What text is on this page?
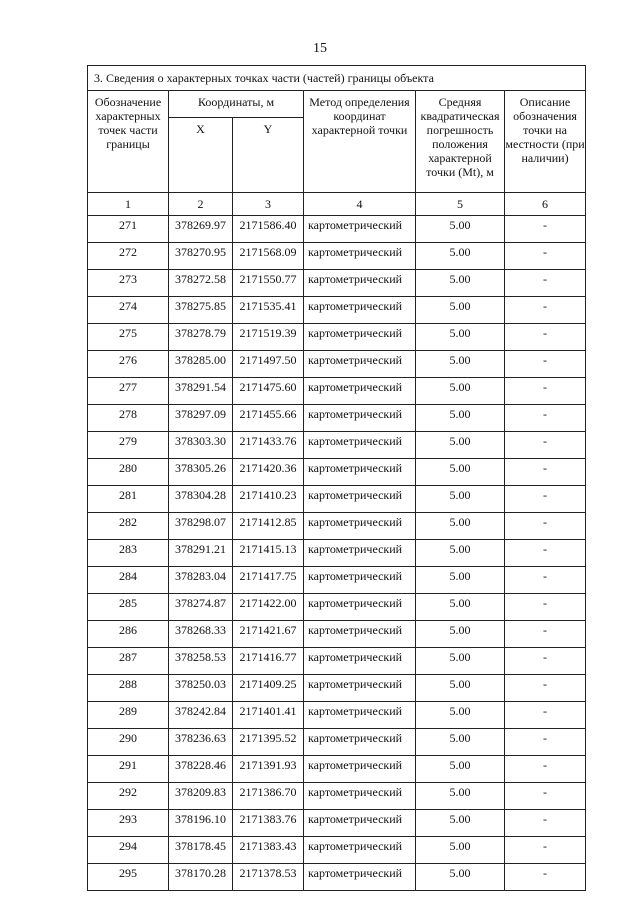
15
3. Сведения о характерных точках части (частей) границы объекта					
Обозначение характерных точек части границы	Координаты, м		Метод определения координат характерной точки	Средняя квадратическая погрешность положения характерной точки (Mt), м	Описание обозначения точки на местности (при наличии)
	X	Y			
1	2	3	4	5	6
271	378269.97	2171586.40	картометрический	5.00	-
272	378270.95	2171568.09	картометрический	5.00	-
273	378272.58	2171550.77	картометрический	5.00	-
274	378275.85	2171535.41	картометрический	5.00	-
275	378278.79	2171519.39	картометрический	5.00	-
276	378285.00	2171497.50	картометрический	5.00	-
277	378291.54	2171475.60	картометрический	5.00	-
278	378297.09	2171455.66	картометрический	5.00	-
279	378303.30	2171433.76	картометрический	5.00	-
280	378305.26	2171420.36	картометрический	5.00	-
281	378304.28	2171410.23	картометрический	5.00	-
282	378298.07	2171412.85	картометрический	5.00	-
283	378291.21	2171415.13	картометрический	5.00	-
284	378283.04	2171417.75	картометрический	5.00	-
285	378274.87	2171422.00	картометрический	5.00	-
286	378268.33	2171421.67	картометрический	5.00	-
287	378258.53	2171416.77	картометрический	5.00	-
288	378250.03	2171409.25	картометрический	5.00	-
289	378242.84	2171401.41	картометрический	5.00	-
290	378236.63	2171395.52	картометрический	5.00	-
291	378228.46	2171391.93	картометрический	5.00	-
292	378209.83	2171386.70	картометрический	5.00	-
293	378196.10	2171383.76	картометрический	5.00	-
294	378178.45	2171383.43	картометрический	5.00	-
295	378170.28	2171378.53	картометрический	5.00	-
